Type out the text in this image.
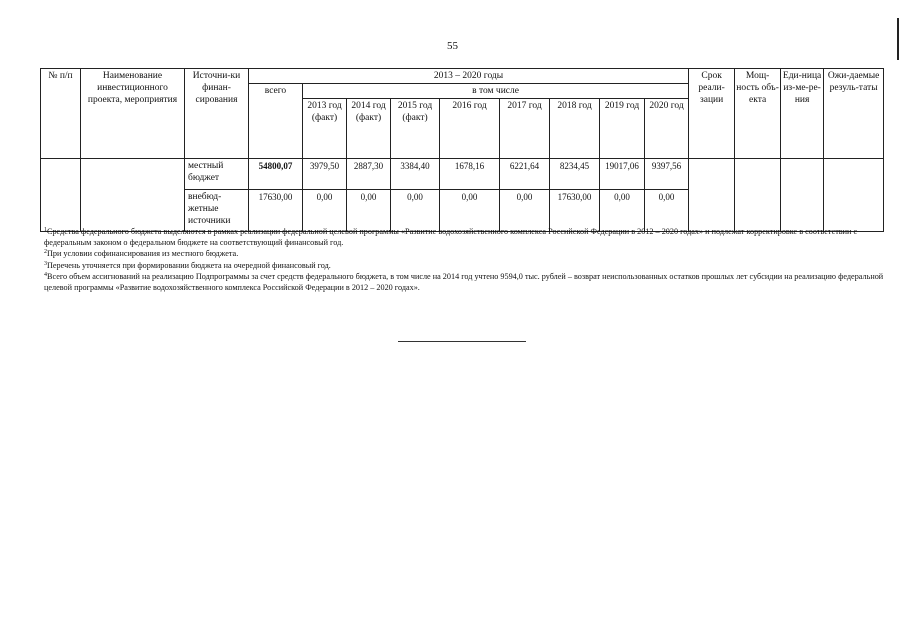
55
№ п/п	Наименование инвестиционного проекта, мероприятия	Источни-ки финан-сирования	2013 – 2020 годы									Срок реали-зации	Мощ-ность объ-екта	Еди-ница из-ме-ре-ния	Ожи-даемые резуль-таты
			всего	в том числе											
				2013 год (факт)	2014 год (факт)	2015 год (факт)	2016 год	2017 год	2018 год	2019 год	2020 год				
		местный бюджет	54800,07	3979,50	2887,30	3384,40	1678,16	6221,64	8234,45	19017,06	9397,56				
		внебюд-жетные источники	17630,00	0,00	0,00	0,00	0,00	0,00	17630,00	0,00	0,00				

$^1$Средства федерального бюджета выделяются в рамках реализации федеральной целевой программы «Развитие водохозяйственного комплекса Российской Федерации в 2012 – 2020 годах» и подлежат корректировке в соответствии с федеральным законом о федеральном бюджете на соответствующий финансовый год.

$^2$При условии софинансирования из местного бюджета.

$^3$Перечень уточняется при формировании бюджета на очередной финансовый год.

$^4$Всего объем ассигнований на реализацию Подпрограммы за счет средств федерального бюджета, в том числе на 2014 год учтено 9594,0 тыс. рублей – возврат неиспользованных остатков прошлых лет субсидии на реализацию федеральной целевой программы «Развитие водохозяйственного комплекса Российской Федерации в 2012 – 2020 годах».
